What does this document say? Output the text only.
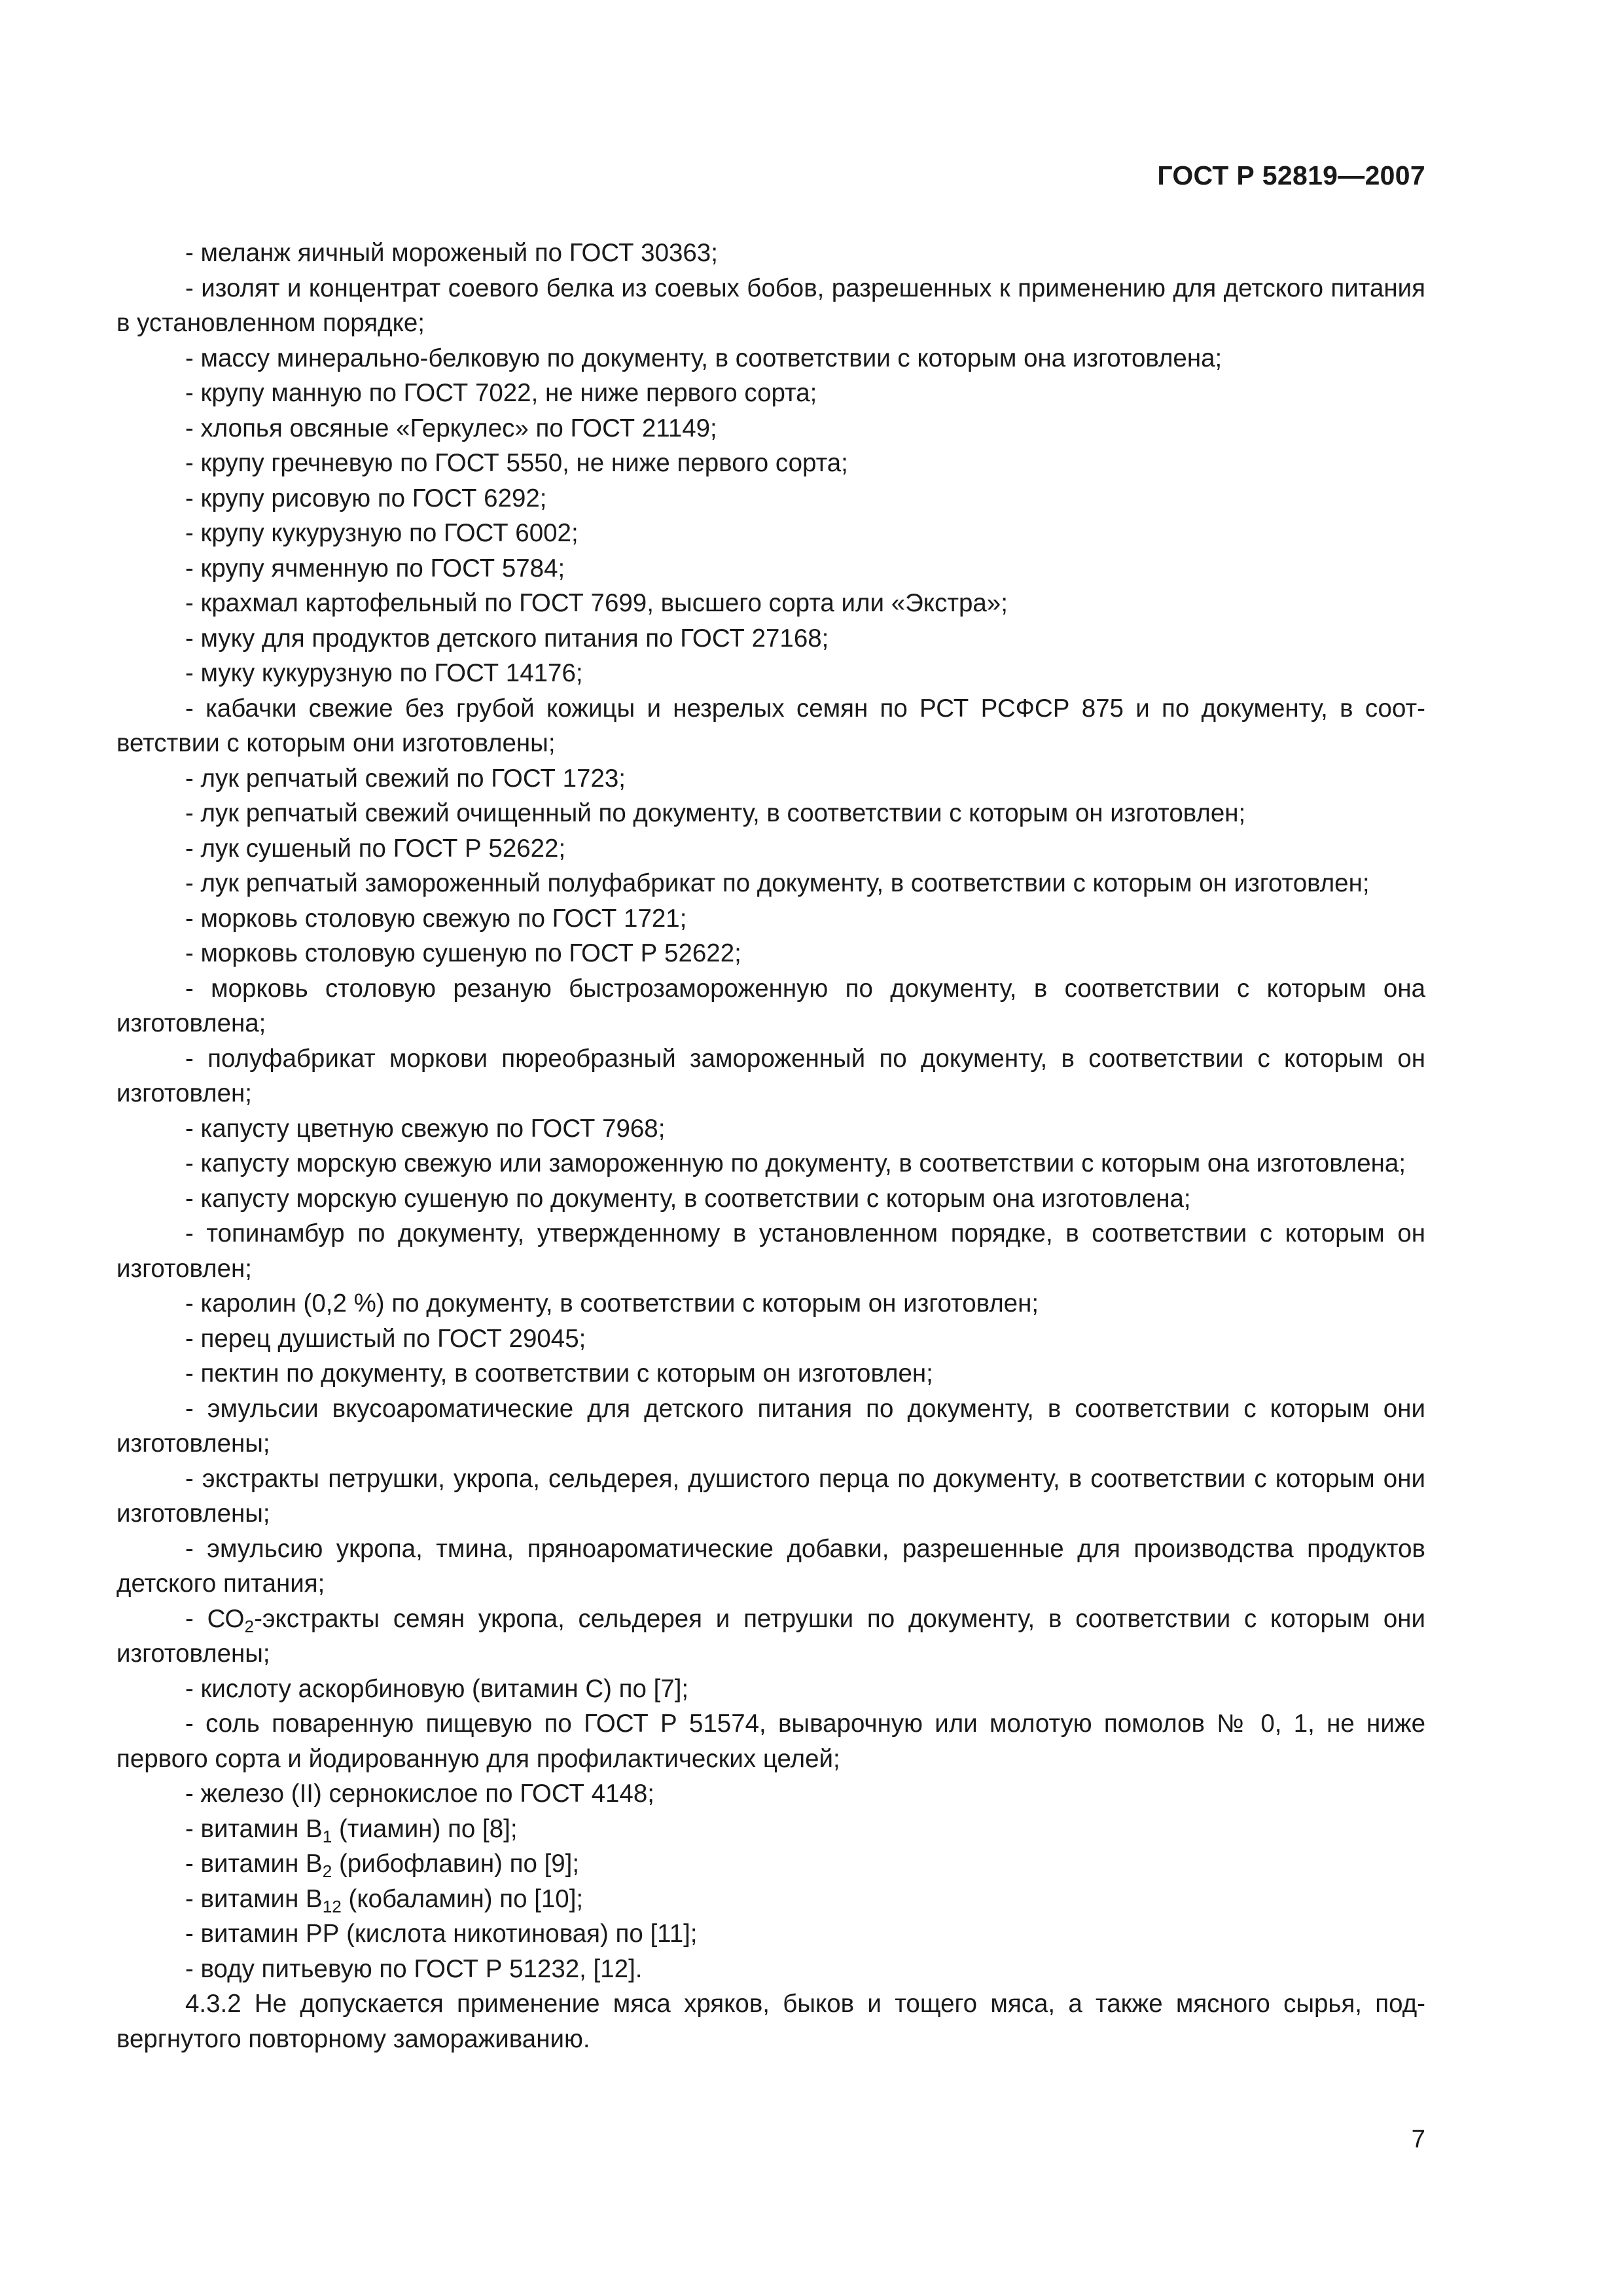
ГОСТ Р 52819—2007

- меланж яичный мороженый по ГОСТ 30363;

- изолят и концентрат соевого белка из соевых бобов, разрешенных к применению для детского питания в установленном порядке;

- массу минерально-белковую по документу, в соответствии с которым она изготовлена;

- крупу манную по ГОСТ 7022, не ниже первого сорта;

- хлопья овсяные «Геркулес» по ГОСТ 21149;

- крупу гречневую по ГОСТ 5550, не ниже первого сорта;

- крупу рисовую по ГОСТ 6292;

- крупу кукурузную по ГОСТ 6002;

- крупу ячменную по ГОСТ 5784;

- крахмал картофельный по ГОСТ 7699, высшего сорта или «Экстра»;

- муку для продуктов детского питания по ГОСТ 27168;

- муку кукурузную по ГОСТ 14176;

- кабачки свежие без грубой кожицы и незрелых семян по РСТ РСФСР 875 и по документу, в соответствии с которым они изготовлены;

- лук репчатый свежий по ГОСТ 1723;

- лук репчатый свежий очищенный по документу, в соответствии с которым он изготовлен;

- лук сушеный по ГОСТ Р 52622;

- лук репчатый замороженный полуфабрикат по документу, в соответствии с которым он изготовлен;

- морковь столовую свежую по ГОСТ 1721;

- морковь столовую сушеную по ГОСТ Р 52622;

- морковь столовую резаную быстрозамороженную по документу, в соответствии с которым она изготовлена;

- полуфабрикат моркови пюреобразный замороженный по документу, в соответствии с которым он изготовлен;

- капусту цветную свежую по ГОСТ 7968;

- капусту морскую свежую или замороженную по документу, в соответствии с которым она изготовлена;

- капусту морскую сушеную по документу, в соответствии с которым она изготовлена;

- топинамбур по документу, утвержденному в установленном порядке, в соответствии с которым он изготовлен;

- каролин (0,2 %) по документу, в соответствии с которым он изготовлен;

- перец душистый по ГОСТ 29045;

- пектин по документу, в соответствии с которым он изготовлен;

- эмульсии вкусоароматические для детского питания по документу, в соответствии с которым они изготовлены;

- экстракты петрушки, укропа, сельдерея, душистого перца по документу, в соответствии с которым они изготовлены;

- эмульсию укропа, тмина, пряноароматические добавки, разрешенные для производства продуктов детского питания;

- $СО_2$-экстракты семян укропа, сельдерея и петрушки по документу, в соответствии с которым они изготовлены;

- кислоту аскорбиновую (витамин С) по [7];

- соль поваренную пищевую по ГОСТ Р 51574, выварочную или молотую помолов № 0, 1, не ниже первого сорта и йодированную для профилактических целей;

- железо (II) сернокислое по ГОСТ 4148;

- витамин $В_1$ (тиамин) по [8];

- витамин $В_2$ (рибофлавин) по [9];

- витамин $В_{12}$ (кобаламин) по [10];

- витамин РР (кислота никотиновая) по [11];

- воду питьевую по ГОСТ Р 51232, [12].

4.3.2 Не допускается применение мяса хряков, быков и тощего мяса, а также мясного сырья, подвергнутого повторному замораживанию.

7
